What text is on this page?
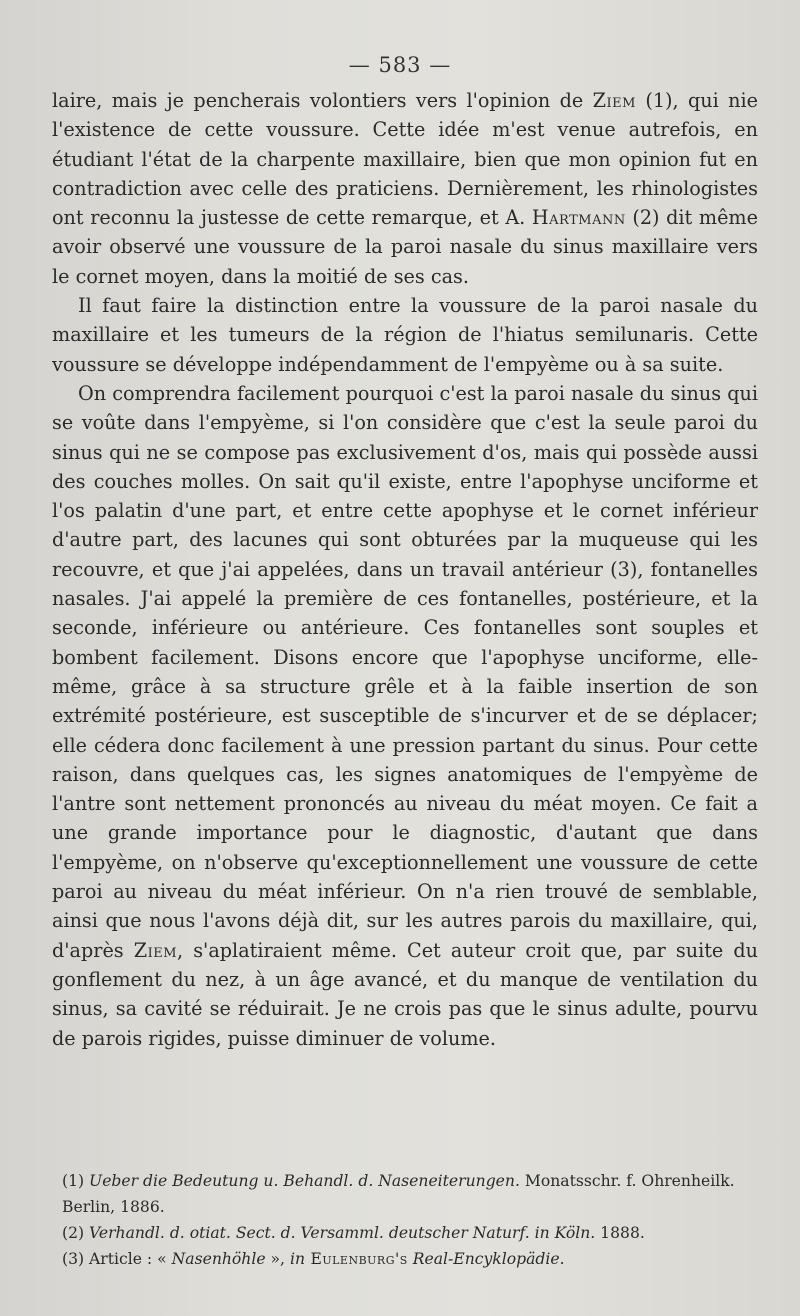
— 583 —

laire, mais je pencherais volontiers vers l'opinion de Ziem (1), qui nie l'existence de cette voussure. Cette idée m'est venue autrefois, en étudiant l'état de la charpente maxillaire, bien que mon opinion fut en contradiction avec celle des praticiens. Dernièrement, les rhinologistes ont reconnu la justesse de cette remarque, et A. Hartmann (2) dit même avoir observé une voussure de la paroi nasale du sinus maxillaire vers le cornet moyen, dans la moitié de ses cas.

Il faut faire la distinction entre la voussure de la paroi nasale du maxillaire et les tumeurs de la région de l'hiatus semilunaris. Cette voussure se développe indépendamment de l'empyème ou à sa suite.

On comprendra facilement pourquoi c'est la paroi nasale du sinus qui se voûte dans l'empyème, si l'on considère que c'est la seule paroi du sinus qui ne se compose pas exclusivement d'os, mais qui possède aussi des couches molles. On sait qu'il existe, entre l'apophyse unciforme et l'os palatin d'une part, et entre cette apophyse et le cornet inférieur d'autre part, des lacunes qui sont obturées par la muqueuse qui les recouvre, et que j'ai appelées, dans un travail antérieur (3), fontanelles nasales. J'ai appelé la première de ces fontanelles, postérieure, et la seconde, inférieure ou antérieure. Ces fontanelles sont souples et bombent facilement. Disons encore que l'apophyse unciforme, elle-même, grâce à sa structure grêle et à la faible insertion de son extrémité postérieure, est susceptible de s'incurver et de se déplacer; elle cédera donc facilement à une pression partant du sinus. Pour cette raison, dans quelques cas, les signes anatomiques de l'empyème de l'antre sont nettement prononcés au niveau du méat moyen. Ce fait a une grande importance pour le diagnostic, d'autant que dans l'empyème, on n'observe qu'exceptionnellement une voussure de cette paroi au niveau du méat inférieur. On n'a rien trouvé de semblable, ainsi que nous l'avons déjà dit, sur les autres parois du maxillaire, qui, d'après Ziem, s'aplatiraient même. Cet auteur croit que, par suite du gonflement du nez, à un âge avancé, et du manque de ventilation du sinus, sa cavité se réduirait. Je ne crois pas que le sinus adulte, pourvu de parois rigides, puisse diminuer de volume.

(1) Ueber die Bedeutung u. Behandl. d. Naseneiterungen. Monatsschr. f. Ohrenheilk. Berlin, 1886.

(2) Verhandl. d. otiat. Sect. d. Versamml. deutscher Naturf. in Köln. 1888.

(3) Article : « Nasenhöhle », in Eulenburg's Real-Encyklopädie.
